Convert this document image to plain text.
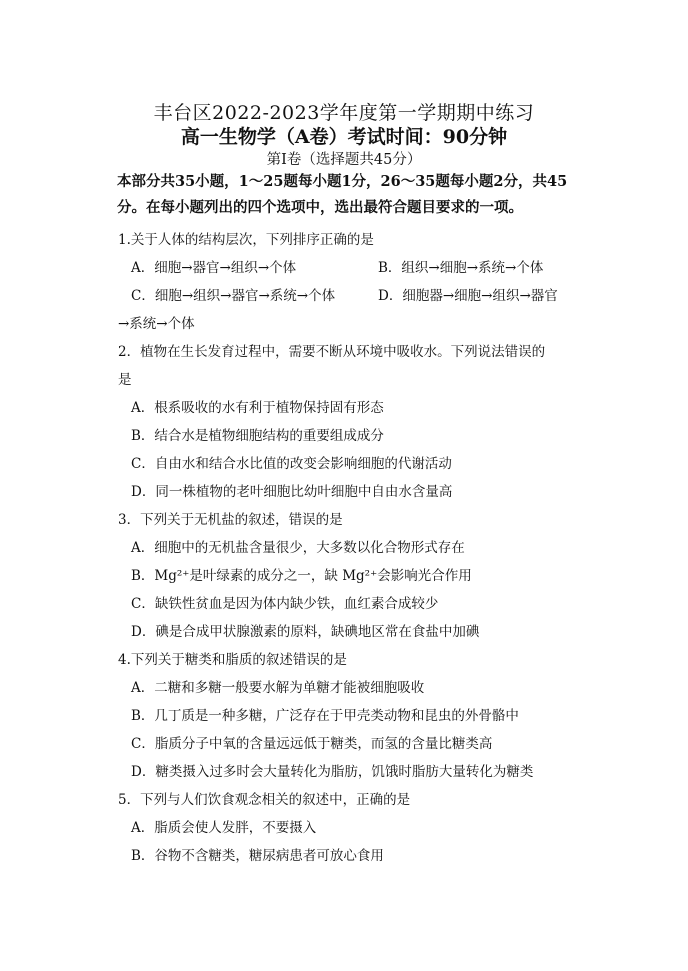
丰台区2022-2023学年度第一学期期中练习
高一生物学（A卷）考试时间：90分钟
第Ⅰ卷（选择题共45分）
本部分共35小题，1～25题每小题1分，26～35题每小题2分，共45
分。在每小题列出的四个选项中，选出最符合题目要求的一项。
1.关于人体的结构层次，下列排序正确的是
A．细胞→器官→组织→个体	B．组织→细胞→系统→个体
C．细胞→组织→器官→系统→个体	D．细胞器→细胞→组织→器官
→系统→个体
2．植物在生长发育过程中，需要不断从环境中吸收水。下列说法错误的
是
A．根系吸收的水有利于植物保持固有形态
B．结合水是植物细胞结构的重要组成成分
C．自由水和结合水比值的改变会影响细胞的代谢活动
D．同一株植物的老叶细胞比幼叶细胞中自由水含量高
3．下列关于无机盐的叙述，错误的是
A．细胞中的无机盐含量很少，大多数以化合物形式存在
B．Mg²⁺是叶绿素的成分之一，缺 Mg²⁺会影响光合作用
C．缺铁性贫血是因为体内缺少铁，血红素合成较少
D．碘是合成甲状腺激素的原料，缺碘地区常在食盐中加碘
4.下列关于糖类和脂质的叙述错误的是
A．二糖和多糖一般要水解为单糖才能被细胞吸收
B．几丁质是一种多糖，广泛存在于甲壳类动物和昆虫的外骨骼中
C．脂质分子中氧的含量远远低于糖类，而氢的含量比糖类高
D．糖类摄入过多时会大量转化为脂肪，饥饿时脂肪大量转化为糖类
5．下列与人们饮食观念相关的叙述中，正确的是
A．脂质会使人发胖，不要摄入
B．谷物不含糖类，糖尿病患者可放心食用
